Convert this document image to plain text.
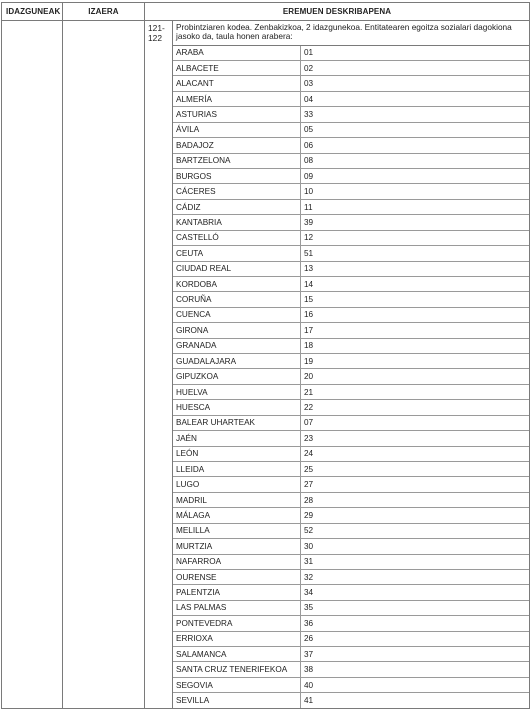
IDAZGUNEAK	IZAERA	EREMUEN DESKRIBAPENA
		121-122	
Probintziaren kodea. Zenbakizkoa, 2 idazgunekoa. Entitatearen egoitza sozialari dagokiona jasoko da, taula honen arabera:
ARABA	01
ALBACETE	02
ALACANT	03
ALMERÍA	04
ASTURIAS	33
ÁVILA	05
BADAJOZ	06
BARTZELONA	08
BURGOS	09
CÁCERES	10
CÁDIZ	11
KANTABRIA	39
CASTELLÓ	12
CEUTA	51
CIUDAD REAL	13
KORDOBA	14
CORUÑA	15
CUENCA	16
GIRONA	17
GRANADA	18
GUADALAJARA	19
GIPUZKOA	20
HUELVA	21
HUESCA	22
BALEAR UHARTEAK	07
JAÉN	23
LEÓN	24
LLEIDA	25
LUGO	27
MADRIL	28
MÁLAGA	29
MELILLA	52
MURTZIA	30
NAFARROA	31
OURENSE	32
PALENTZIA	34
LAS PALMAS	35
PONTEVEDRA	36
ERRIOXA	26
SALAMANCA	37
SANTA CRUZ TENERIFEKOA	38
SEGOVIA	40
SEVILLA	41
